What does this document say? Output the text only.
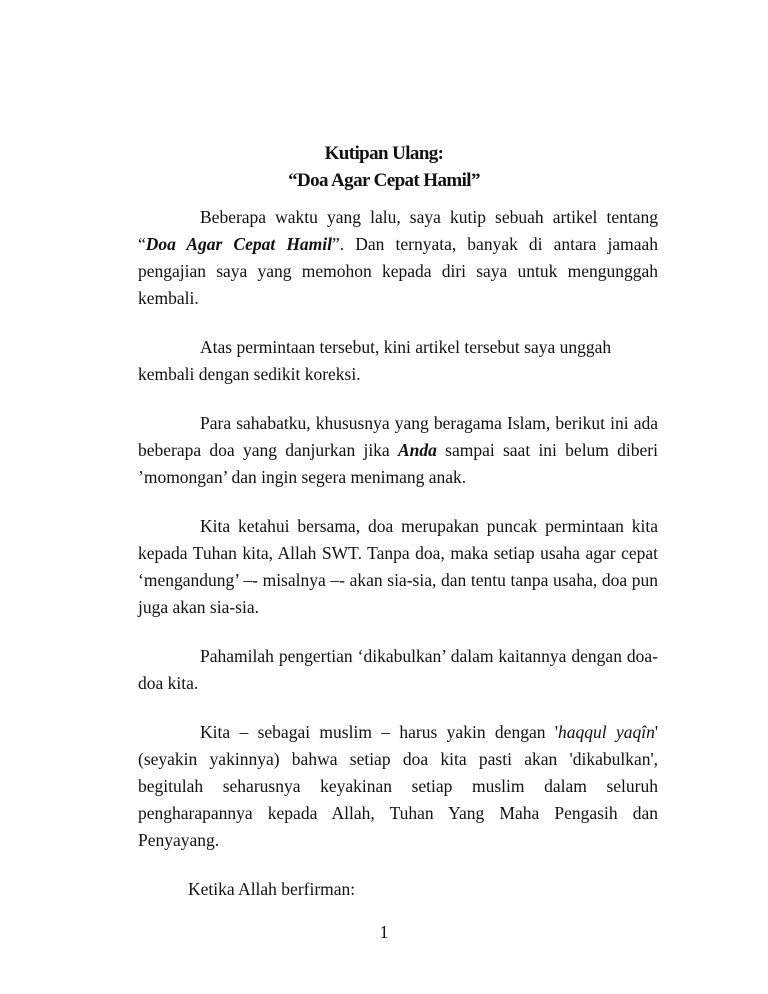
Kutipan Ulang:
“Doa Agar Cepat Hamil”

Beberapa waktu yang lalu, saya kutip sebuah artikel tentang “Doa Agar Cepat Hamil”. Dan ternyata, banyak di antara jamaah pengajian saya yang memohon kepada diri saya untuk mengunggah kembali.

Atas permintaan tersebut, kini artikel tersebut saya unggah kembali dengan sedikit koreksi.

Para sahabatku, khususnya yang beragama Islam, berikut ini ada beberapa doa yang danjurkan jika Anda sampai saat ini belum diberi ’momongan’ dan ingin segera menimang anak.

Kita ketahui bersama, doa merupakan puncak permintaan kita kepada Tuhan kita, Allah SWT. Tanpa doa, maka setiap usaha agar cepat ‘mengandung’ –- misalnya –- akan sia-sia, dan tentu tanpa usaha, doa pun juga akan sia-sia.

Pahamilah pengertian ‘dikabulkan’ dalam kaitannya dengan doa-doa kita.

Kita – sebagai muslim – harus yakin dengan 'haqqul yaqîn' (seyakin yakinnya) bahwa setiap doa kita pasti akan 'dikabulkan', begitulah seharusnya keyakinan setiap muslim dalam seluruh pengharapannya kepada Allah, Tuhan Yang Maha Pengasih dan Penyayang.

Ketika Allah berfirman:

1
